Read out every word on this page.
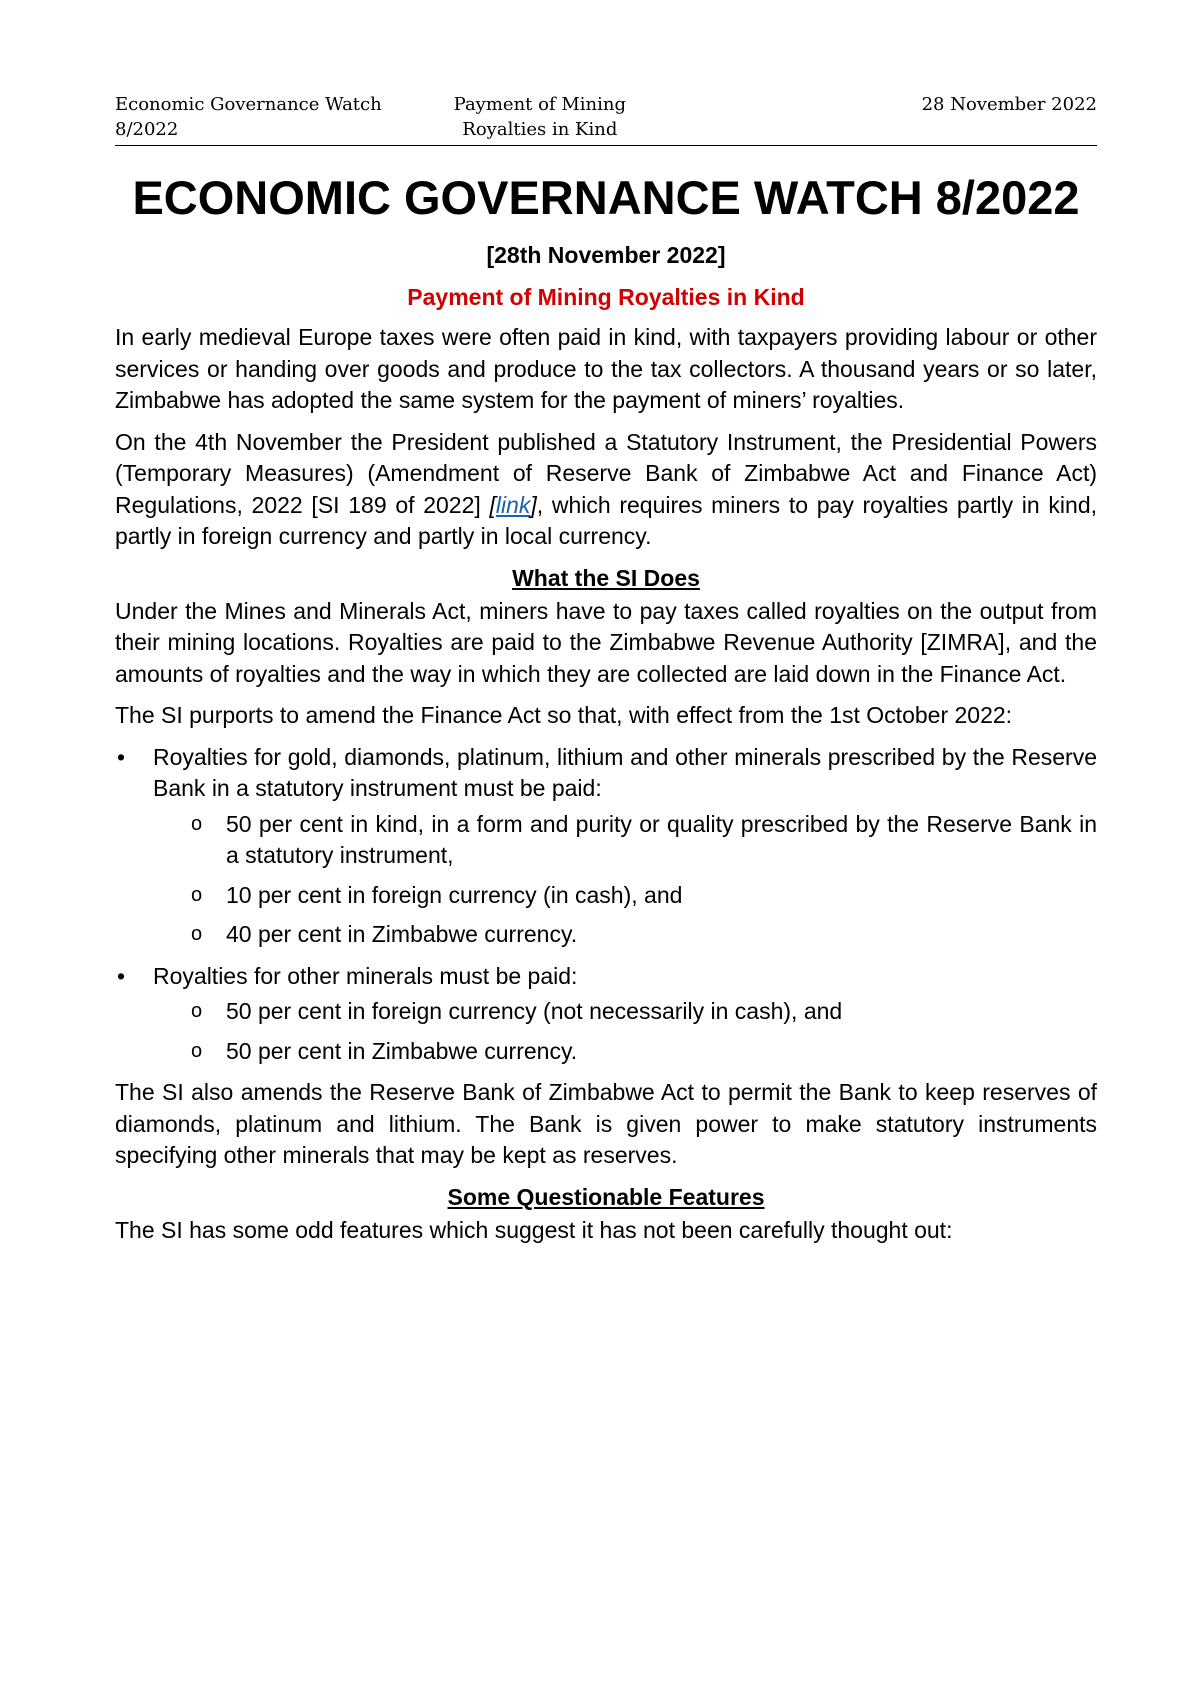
Economic Governance Watch 8/2022
Payment of Mining Royalties in Kind
28 November 2022
ECONOMIC GOVERNANCE WATCH 8/2022
[28th November 2022]
Payment of Mining Royalties in Kind

In early medieval Europe taxes were often paid in kind, with taxpayers providing labour or other services or handing over goods and produce to the tax collectors. A thousand years or so later, Zimbabwe has adopted the same system for the payment of miners’ royalties.

On the 4th November the President published a Statutory Instrument, the Presidential Powers (Temporary Measures) (Amendment of Reserve Bank of Zimbabwe Act and Finance Act) Regulations, 2022 [SI 189 of 2022] [link], which requires miners to pay royalties partly in kind, partly in foreign currency and partly in local currency.

What the SI Does

Under the Mines and Minerals Act, miners have to pay taxes called royalties on the output from their mining locations. Royalties are paid to the Zimbabwe Revenue Authority [ZIMRA], and the amounts of royalties and the way in which they are collected are laid down in the Finance Act.

The SI purports to amend the Finance Act so that, with effect from the 1st October 2022:

• Royalties for gold, diamonds, platinum, lithium and other minerals prescribed by the Reserve Bank in a statutory instrument must be paid:
o 50 per cent in kind, in a form and purity or quality prescribed by the Reserve Bank in a statutory instrument,
o 10 per cent in foreign currency (in cash), and
o 40 per cent in Zimbabwe currency.
• Royalties for other minerals must be paid:
o 50 per cent in foreign currency (not necessarily in cash), and
o 50 per cent in Zimbabwe currency.

The SI also amends the Reserve Bank of Zimbabwe Act to permit the Bank to keep reserves of diamonds, platinum and lithium. The Bank is given power to make statutory instruments specifying other minerals that may be kept as reserves.

Some Questionable Features

The SI has some odd features which suggest it has not been carefully thought out:
